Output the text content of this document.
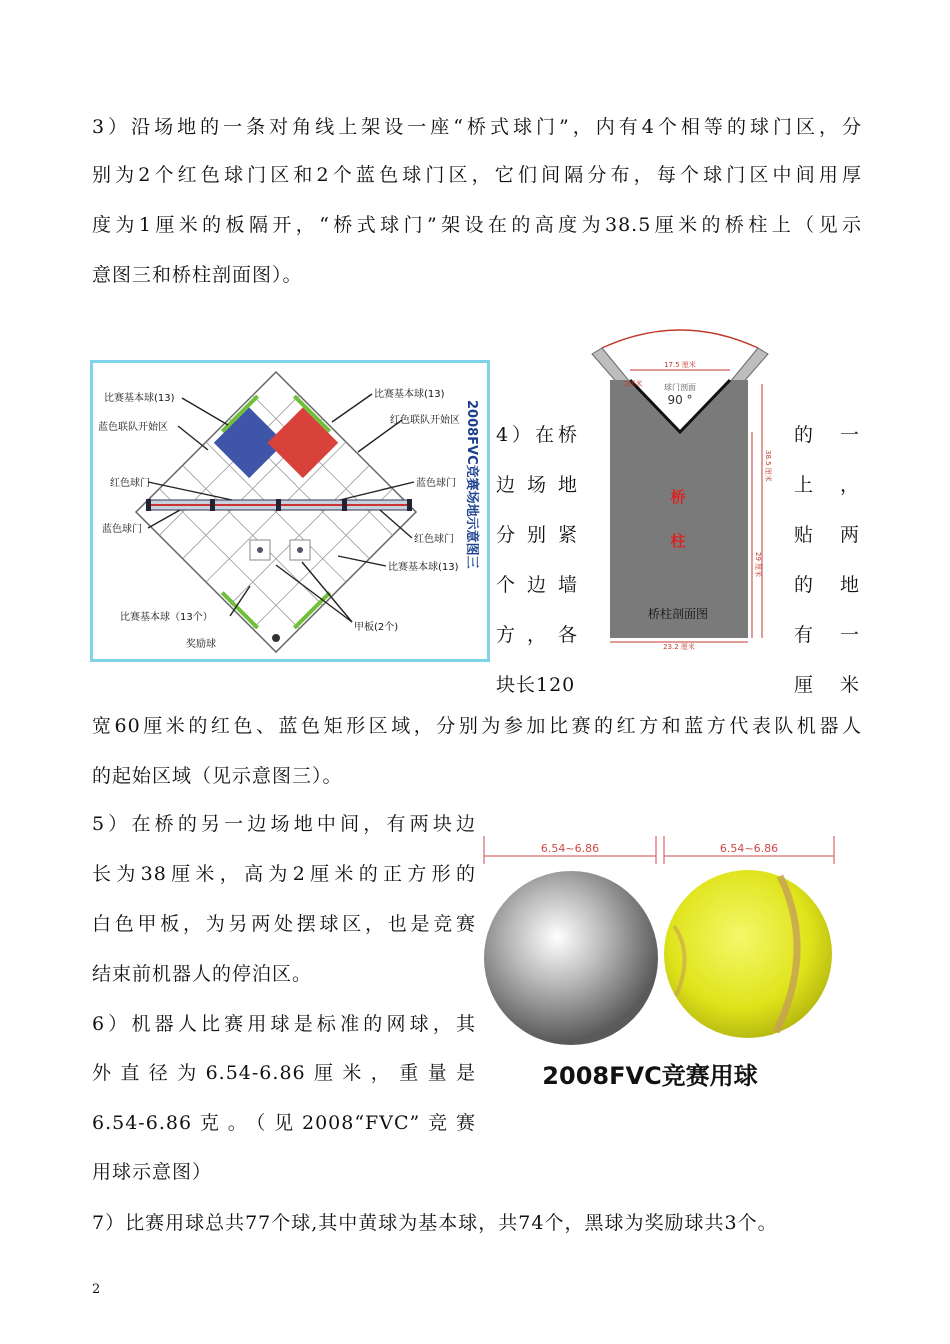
3）沿场地的一条对角线上架设一座“桥式球门”，内有4个相等的球门区，分
别为2个红色球门区和2个蓝色球门区，它们间隔分布，每个球门区中间用厚
度为1厘米的板隔开，“桥式球门”架设在的高度为38.5厘米的桥柱上（见示
意图三和桥柱剖面图）。
比赛基本球(13)	比赛基本球(13)
蓝色联队开始区
红色联队开始区
红色球门	蓝色球门
蓝色球门
红色球门
比赛基本球(13)
比赛基本球（13个）
奖励球
甲板(2个)
2008FVC竞赛场地示意图三
17.5 厘米
2厘米	球门剖面
90 °
桥
柱
桥柱剖面图
38.5 厘米
29 厘米
23.2 厘米
4）在桥
边场地
分别紧
个边墙
方，各
块长120
的一
上，
贴两
的地
有一
厘米
宽60厘米的红色、蓝色矩形区域，分别为参加比赛的红方和蓝方代表队机器人
的起始区域（见示意图三）。
5）在桥的另一边场地中间，有两块边
长为38厘米，高为2厘米的正方形的
白色甲板，为另两处摆球区，也是竞赛
结束前机器人的停泊区。
6）机器人比赛用球是标准的网球，其
外直径为6.54-6.86厘米，重量是
6.54-6.86克。（见2008“FVC”竞赛
用球示意图）
6.54~6.86	6.54~6.86
2008FVC竞赛用球
7）比赛用球总共77个球,其中黄球为基本球，共74个，黑球为奖励球共3个。
2
